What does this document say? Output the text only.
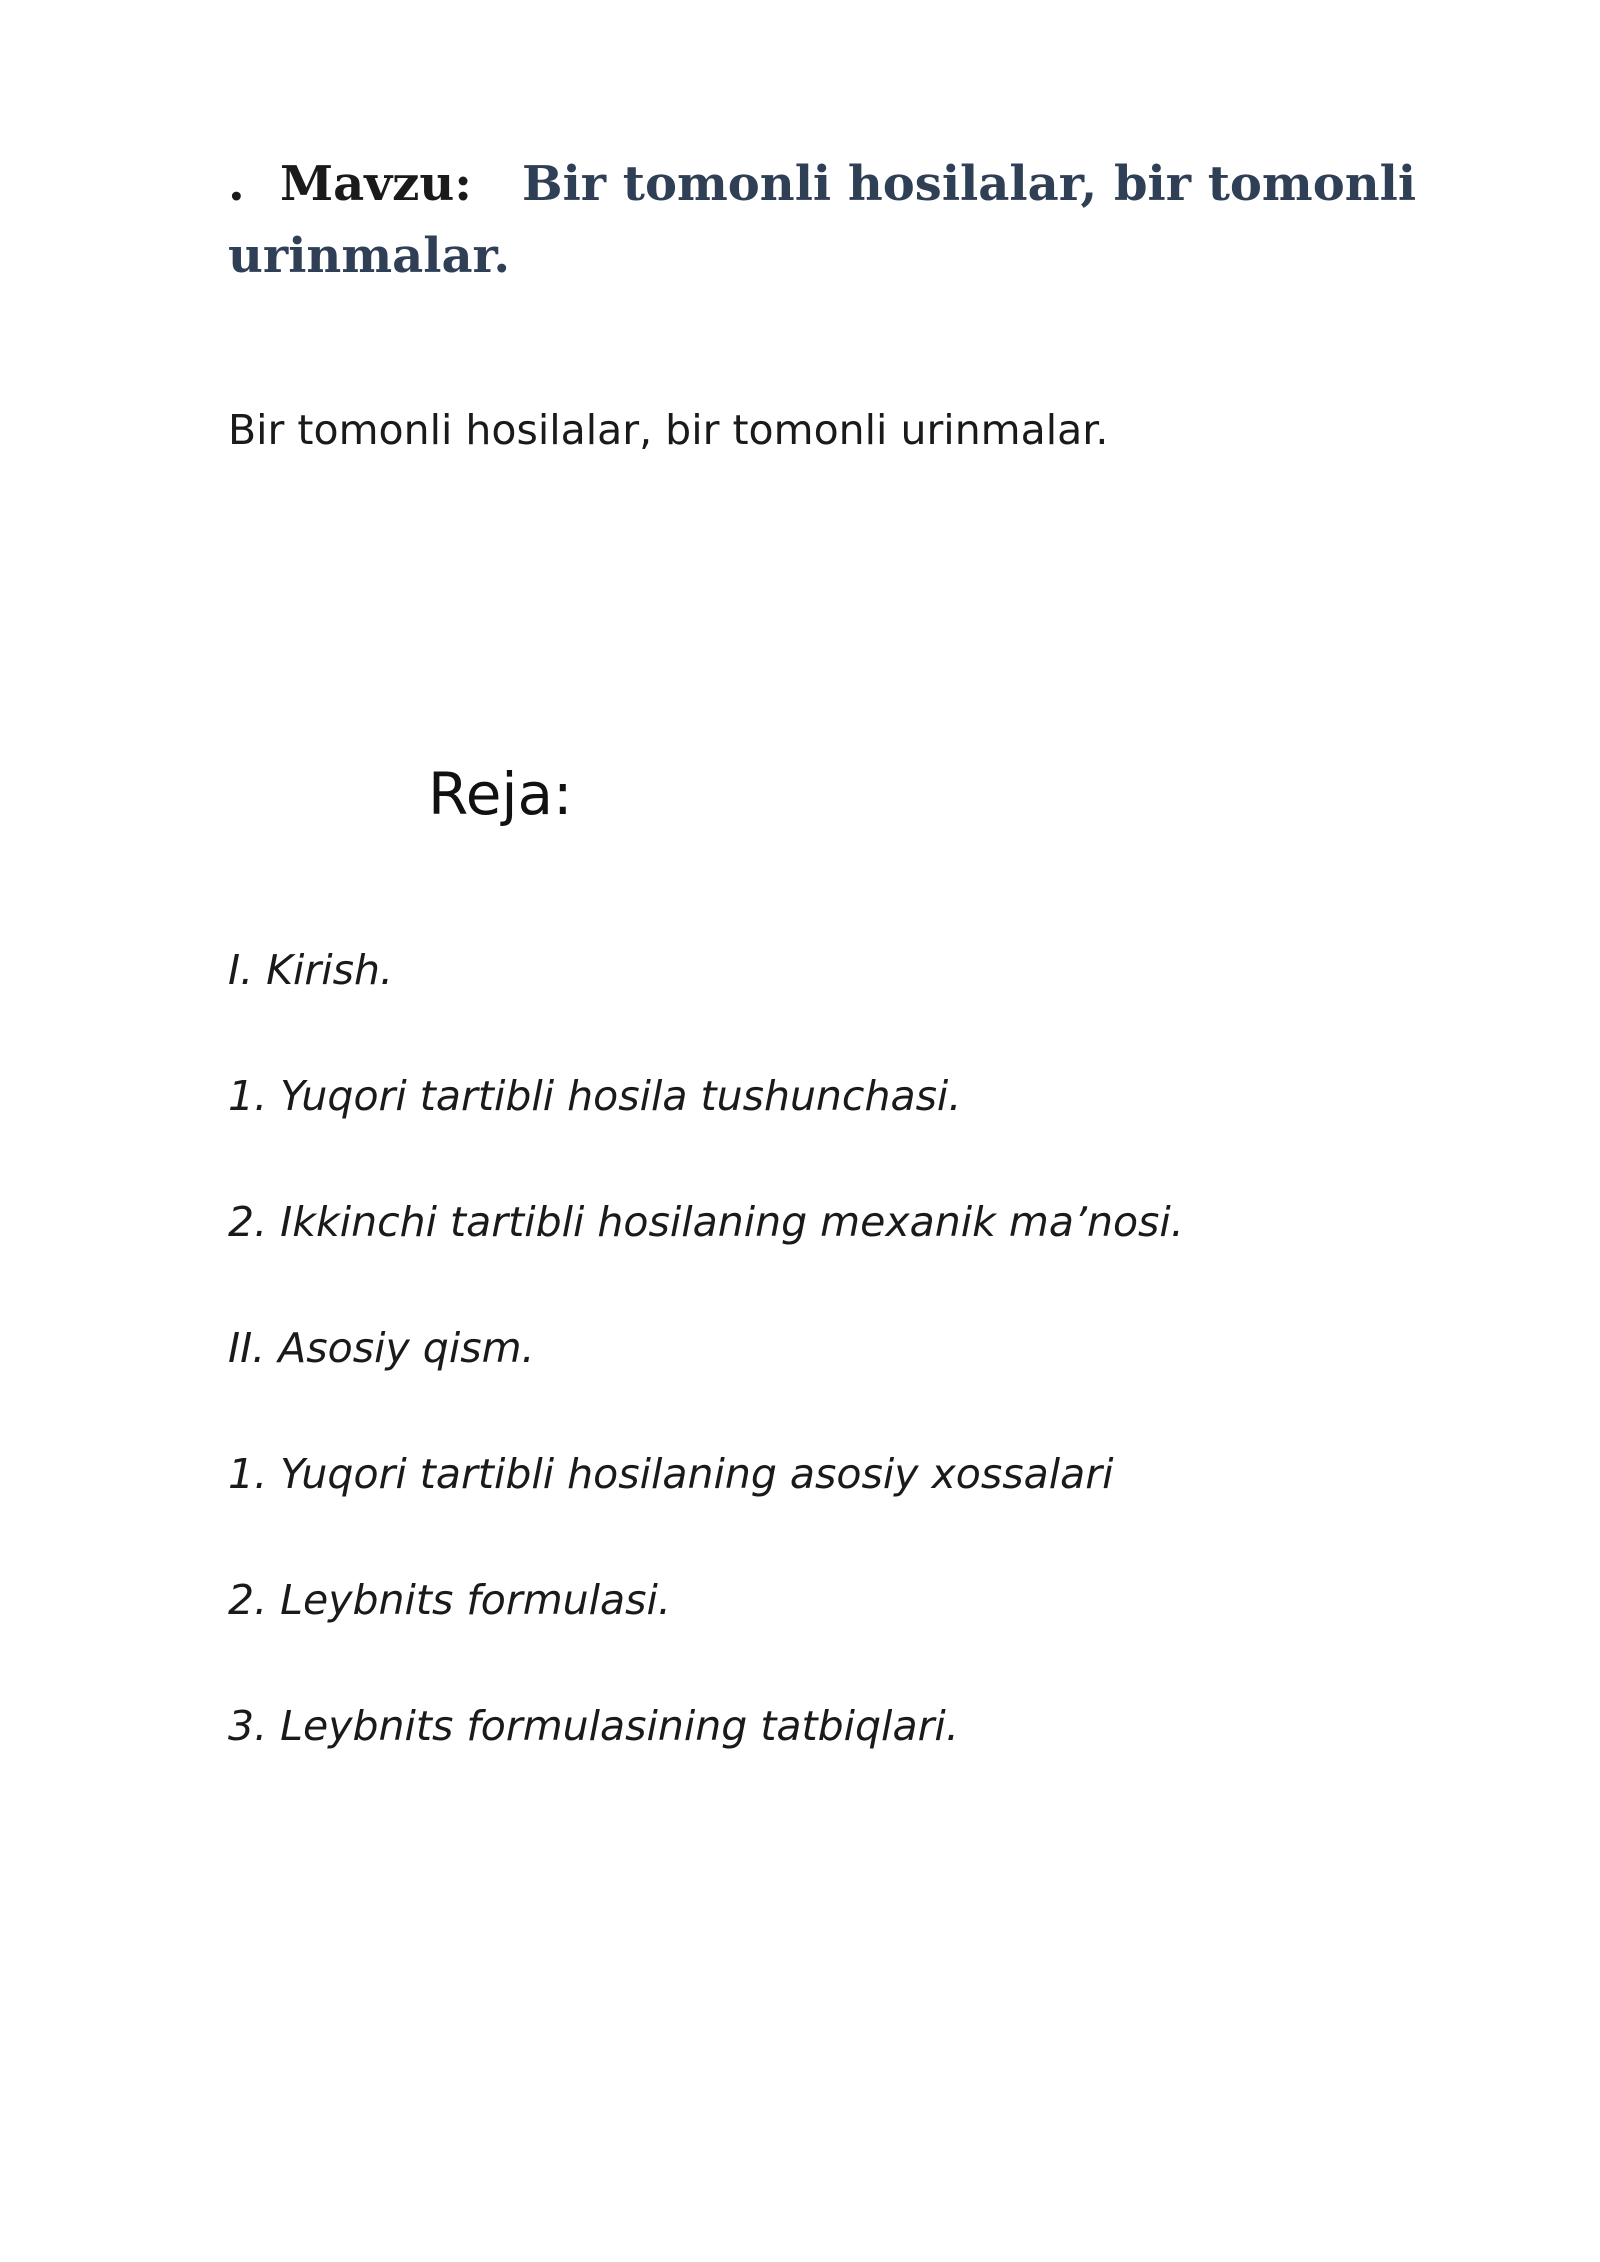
. Mavzu: Bir tomonli hosilalar, bir tomonli urinmalar.
Bir tomonli hosilalar, bir tomonli urinmalar.
Reja:
I. Kirish.
1. Yuqori tartibli hosila tushunchasi.
2. Ikkinchi tartibli hosilaning mexanik ma’nosi.
II. Asosiy qism.
1. Yuqori tartibli hosilaning asosiy xossalari
2. Leybnits formulasi.
3. Leybnits formulasining tatbiqlari.
